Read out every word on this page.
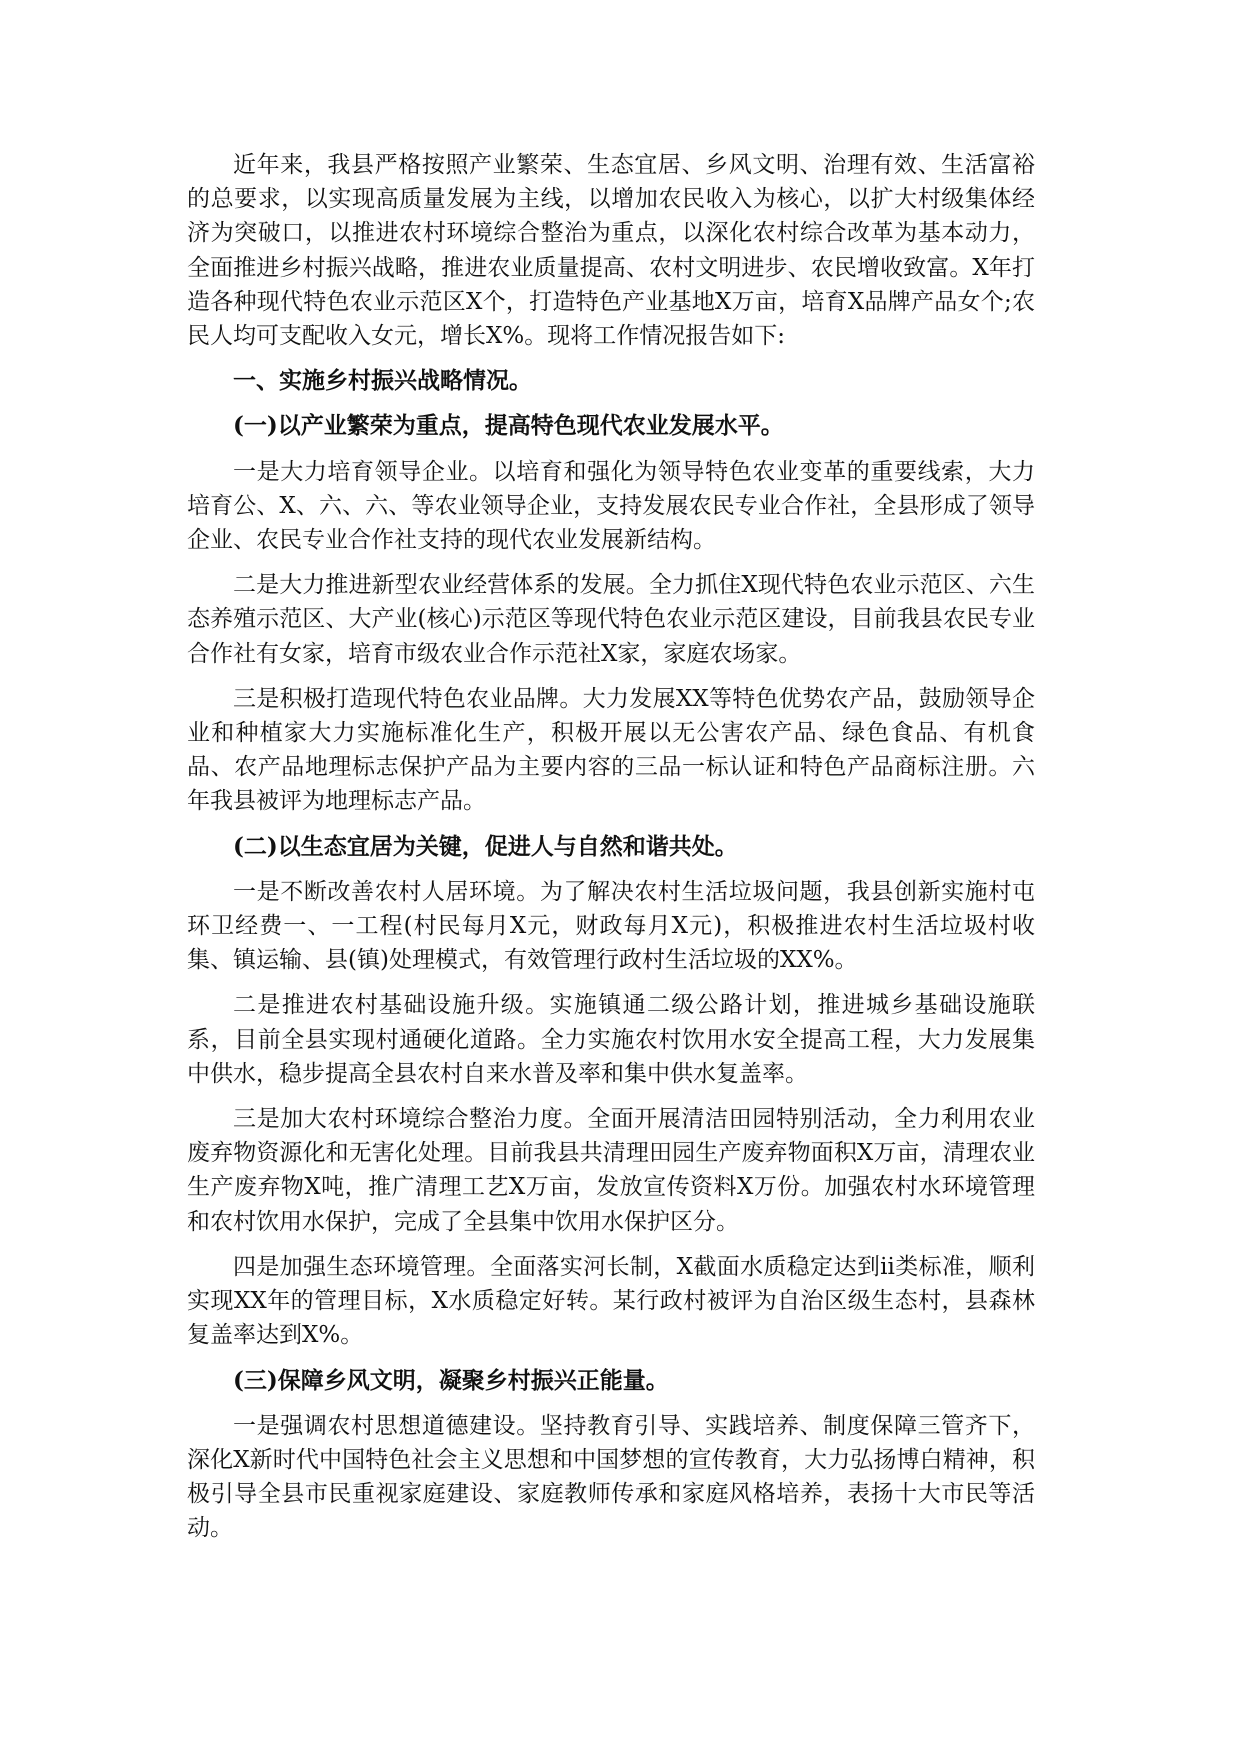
近年来，我县严格按照产业繁荣、生态宜居、乡风文明、治理有效、生活富裕的总要求，以实现高质量发展为主线，以增加农民收入为核心，以扩大村级集体经济为突破口，以推进农村环境综合整治为重点，以深化农村综合改革为基本动力，全面推进乡村振兴战略，推进农业质量提高、农村文明进步、农民增收致富。X年打造各种现代特色农业示范区X个，打造特色产业基地X万亩，培育X品牌产品女个;农民人均可支配收入女元，增长X%。现将工作情况报告如下:

一、实施乡村振兴战略情况。

(一)以产业繁荣为重点，提高特色现代农业发展水平。

一是大力培育领导企业。以培育和强化为领导特色农业变革的重要线索，大力培育公、X、六、六、等农业领导企业，支持发展农民专业合作社，全县形成了领导企业、农民专业合作社支持的现代农业发展新结构。

二是大力推进新型农业经营体系的发展。全力抓住X现代特色农业示范区、六生态养殖示范区、大产业(核心)示范区等现代特色农业示范区建设，目前我县农民专业合作社有女家，培育市级农业合作示范社X家，家庭农场家。

三是积极打造现代特色农业品牌。大力发展XX等特色优势农产品，鼓励领导企业和种植家大力实施标准化生产，积极开展以无公害农产品、绿色食品、有机食品、农产品地理标志保护产品为主要内容的三品一标认证和特色产品商标注册。六年我县被评为地理标志产品。

(二)以生态宜居为关键，促进人与自然和谐共处。

一是不断改善农村人居环境。为了解决农村生活垃圾问题，我县创新实施村屯环卫经费一、一工程(村民每月X元，财政每月X元)，积极推进农村生活垃圾村收集、镇运输、县(镇)处理模式，有效管理行政村生活垃圾的XX%。

二是推进农村基础设施升级。实施镇通二级公路计划，推进城乡基础设施联系，目前全县实现村通硬化道路。全力实施农村饮用水安全提高工程，大力发展集中供水，稳步提高全县农村自来水普及率和集中供水复盖率。

三是加大农村环境综合整治力度。全面开展清洁田园特别活动，全力利用农业废弃物资源化和无害化处理。目前我县共清理田园生产废弃物面积X万亩，清理农业生产废弃物X吨，推广清理工艺X万亩，发放宣传资料X万份。加强农村水环境管理和农村饮用水保护，完成了全县集中饮用水保护区分。

四是加强生态环境管理。全面落实河长制，X截面水质稳定达到ii类标准，顺利实现XX年的管理目标，X水质稳定好转。某行政村被评为自治区级生态村，县森林复盖率达到X%。

(三)保障乡风文明，凝聚乡村振兴正能量。

一是强调农村思想道德建设。坚持教育引导、实践培养、制度保障三管齐下，深化X新时代中国特色社会主义思想和中国梦想的宣传教育，大力弘扬博白精神，积极引导全县市民重视家庭建设、家庭教师传承和家庭风格培养，表扬十大市民等活动。
